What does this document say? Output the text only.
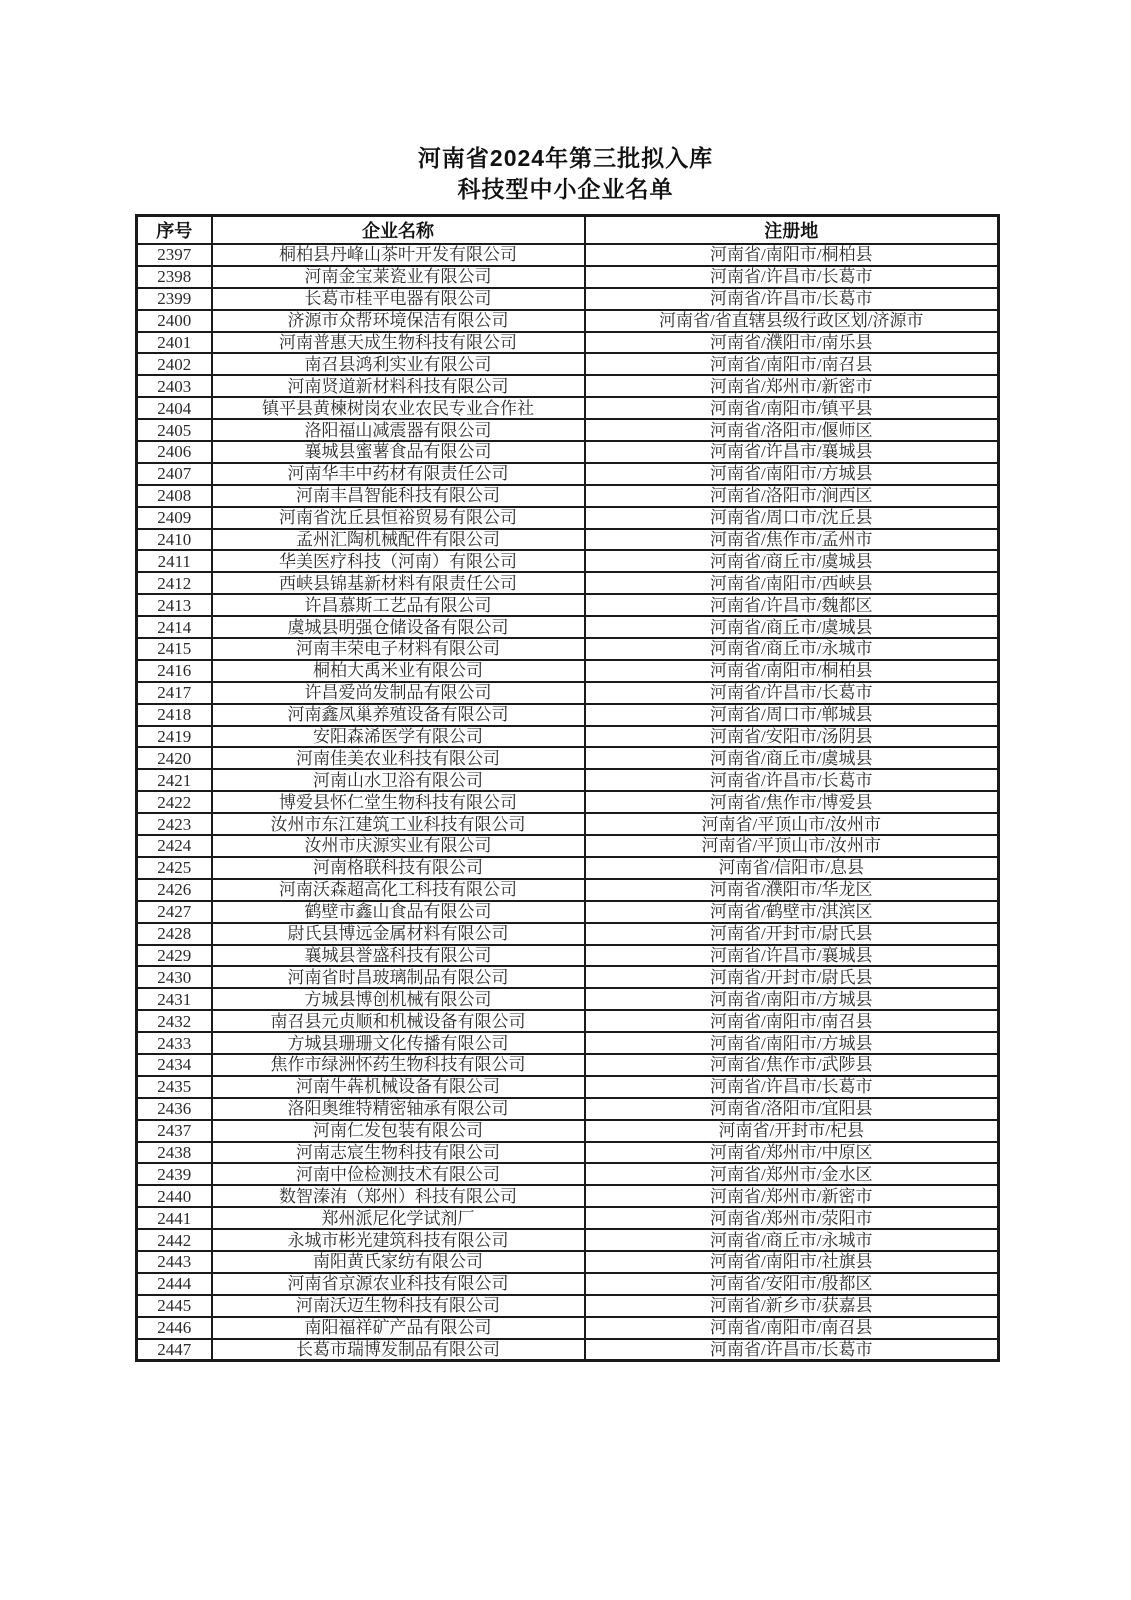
河南省2024年第三批拟入库
科技型中小企业名单
序号	企业名称	注册地
2397	桐柏县丹峰山茶叶开发有限公司	河南省/南阳市/桐柏县
2398	河南金宝莱瓷业有限公司	河南省/许昌市/长葛市
2399	长葛市桂平电器有限公司	河南省/许昌市/长葛市
2400	济源市众帮环境保洁有限公司	河南省/省直辖县级行政区划/济源市
2401	河南普惠天成生物科技有限公司	河南省/濮阳市/南乐县
2402	南召县鸿利实业有限公司	河南省/南阳市/南召县
2403	河南贤道新材料科技有限公司	河南省/郑州市/新密市
2404	镇平县黄楝树岗农业农民专业合作社	河南省/南阳市/镇平县
2405	洛阳福山减震器有限公司	河南省/洛阳市/偃师区
2406	襄城县蜜薯食品有限公司	河南省/许昌市/襄城县
2407	河南华丰中药材有限责任公司	河南省/南阳市/方城县
2408	河南丰昌智能科技有限公司	河南省/洛阳市/涧西区
2409	河南省沈丘县恒裕贸易有限公司	河南省/周口市/沈丘县
2410	孟州汇陶机械配件有限公司	河南省/焦作市/孟州市
2411	华美医疗科技（河南）有限公司	河南省/商丘市/虞城县
2412	西峡县锦基新材料有限责任公司	河南省/南阳市/西峡县
2413	许昌慕斯工艺品有限公司	河南省/许昌市/魏都区
2414	虞城县明强仓储设备有限公司	河南省/商丘市/虞城县
2415	河南丰荣电子材料有限公司	河南省/商丘市/永城市
2416	桐柏大禹米业有限公司	河南省/南阳市/桐柏县
2417	许昌爱尚发制品有限公司	河南省/许昌市/长葛市
2418	河南鑫凤巢养殖设备有限公司	河南省/周口市/郸城县
2419	安阳森浠医学有限公司	河南省/安阳市/汤阴县
2420	河南佳美农业科技有限公司	河南省/商丘市/虞城县
2421	河南山水卫浴有限公司	河南省/许昌市/长葛市
2422	博爱县怀仁堂生物科技有限公司	河南省/焦作市/博爱县
2423	汝州市东江建筑工业科技有限公司	河南省/平顶山市/汝州市
2424	汝州市庆源实业有限公司	河南省/平顶山市/汝州市
2425	河南格联科技有限公司	河南省/信阳市/息县
2426	河南沃森超高化工科技有限公司	河南省/濮阳市/华龙区
2427	鹤壁市鑫山食品有限公司	河南省/鹤壁市/淇滨区
2428	尉氏县博远金属材料有限公司	河南省/开封市/尉氏县
2429	襄城县誉盛科技有限公司	河南省/许昌市/襄城县
2430	河南省时昌玻璃制品有限公司	河南省/开封市/尉氏县
2431	方城县博创机械有限公司	河南省/南阳市/方城县
2432	南召县元贞顺和机械设备有限公司	河南省/南阳市/南召县
2433	方城县珊珊文化传播有限公司	河南省/南阳市/方城县
2434	焦作市绿洲怀药生物科技有限公司	河南省/焦作市/武陟县
2435	河南牛犇机械设备有限公司	河南省/许昌市/长葛市
2436	洛阳奥维特精密轴承有限公司	河南省/洛阳市/宜阳县
2437	河南仁发包装有限公司	河南省/开封市/杞县
2438	河南志宸生物科技有限公司	河南省/郑州市/中原区
2439	河南中俭检测技术有限公司	河南省/郑州市/金水区
2440	数智溱洧（郑州）科技有限公司	河南省/郑州市/新密市
2441	郑州派尼化学试剂厂	河南省/郑州市/荥阳市
2442	永城市彬光建筑科技有限公司	河南省/商丘市/永城市
2443	南阳黄氏家纺有限公司	河南省/南阳市/社旗县
2444	河南省京源农业科技有限公司	河南省/安阳市/殷都区
2445	河南沃迈生物科技有限公司	河南省/新乡市/获嘉县
2446	南阳福祥矿产品有限公司	河南省/南阳市/南召县
2447	长葛市瑞博发制品有限公司	河南省/许昌市/长葛市
